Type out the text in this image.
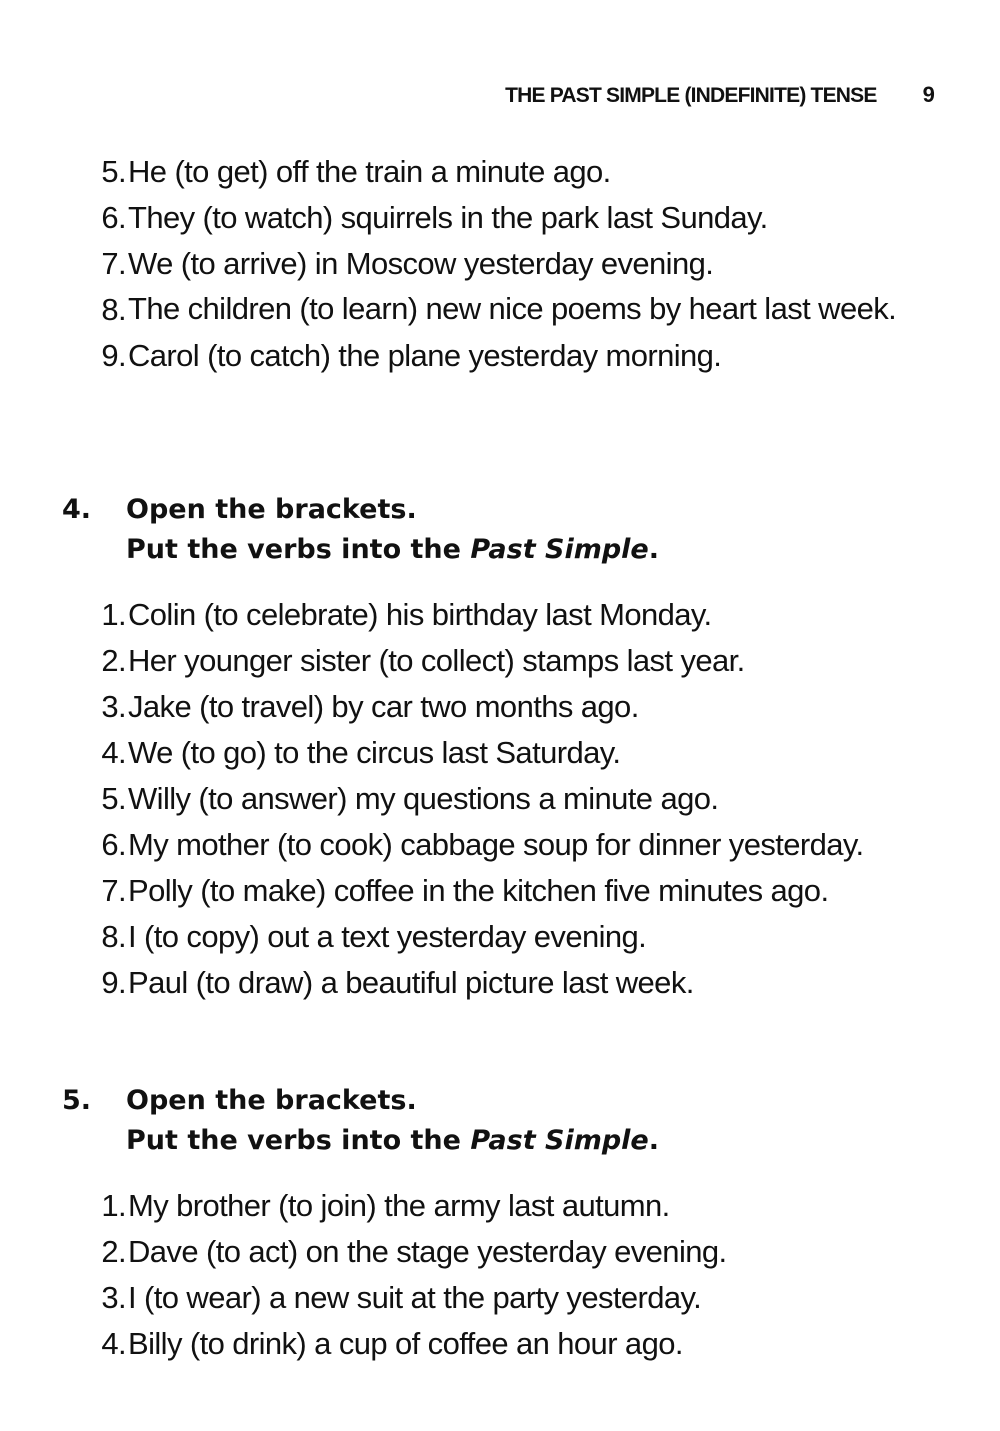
THE PAST SIMPLE (INDEFINITE) TENSE 9
5. He (to get) off the train a minute ago.
6. They (to watch) squirrels in the park last Sunday.
7. We (to arrive) in Moscow yesterday evening.
8. The children (to learn) new nice poems by heart last week.
9. Carol (to catch) the plane yesterday morning.
4.	Open the brackets.
Put the verbs into the Past Simple.
1. Colin (to celebrate) his birthday last Monday.
2. Her younger sister (to collect) stamps last year.
3. Jake (to travel) by car two months ago.
4. We (to go) to the circus last Saturday.
5. Willy (to answer) my questions a minute ago.
6. My mother (to cook) cabbage soup for dinner yesterday.
7. Polly (to make) coffee in the kitchen five minutes ago.
8. I (to copy) out a text yesterday evening.
9. Paul (to draw) a beautiful picture last week.
5.	Open the brackets.
Put the verbs into the Past Simple.
1. My brother (to join) the army last autumn.
2. Dave (to act) on the stage yesterday evening.
3. I (to wear) a new suit at the party yesterday.
4. Billy (to drink) a cup of coffee an hour ago.
